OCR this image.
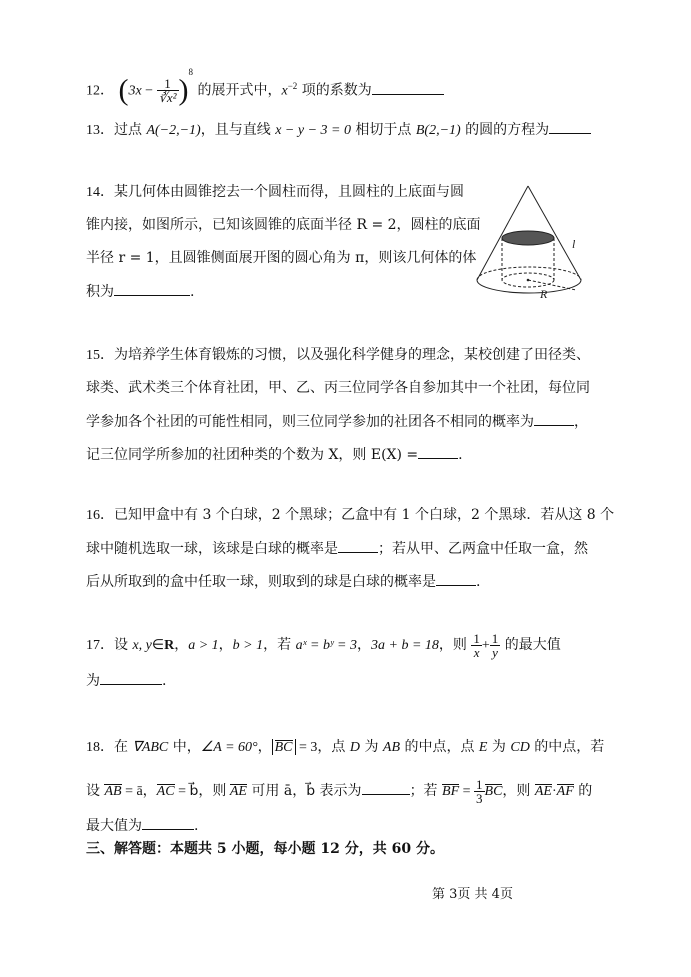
12． $(3x - \frac{1}{\text{∛x²}} )^8$ 的展开式中，$x^{-2}$ 项的系数为
13．过点 A(−2,−1)，且与直线 x − y − 3 = 0 相切于点 B(2,−1) 的圆的方程为
14．某几何体由圆锥挖去一个圆柱而得，且圆柱的上底面与圆
锥内接，如图所示，已知该圆锥的底面半径 R = 2，圆柱的底面
半径 r = 1，且圆锥侧面展开图的圆心角为 π，则该几何体的体
积为	.
l
R
15．为培养学生体育锻炼的习惯，以及强化科学健身的理念，某校创建了田径类、
球类、武术类三个体育社团，甲、乙、丙三位同学各自参加其中一个社团，每位同
学参加各个社团的可能性相同，则三位同学参加的社团各不相同的概率为	，
记三位同学所参加的社团种类的个数为 X，则 E(X) =	.
16．已知甲盒中有 3 个白球，2 个黑球；乙盒中有 1 个白球，2 个黑球．若从这 8 个
球中随机选取一球，该球是白球的概率是	；若从甲、乙两盒中任取一盒，然
后从所取到的盒中任取一球，则取到的球是白球的概率是	.
17．设 x, y∈R，a > 1，b > 1，若 aˣ = bʸ = 3，3a + b = 18，则 $\frac{1}{x} + \frac{1}{y}$ 的最大值
为	.
18．在 ∇ABC 中，∠A = 60°， BC = 3，点 D 为 AB 的中点，点 E 为 CD 的中点，若
设 AB = ā，AC = b⃗，则 AE 可用 ā，b⃗ 表示为	；若 BF = $\frac{1}{3}$ BC，则 AE·AF 的
最大值为	.
三、解答题：本题共 5 小题，每小题 12 分，共 60 分。
第 3页 共 4页
